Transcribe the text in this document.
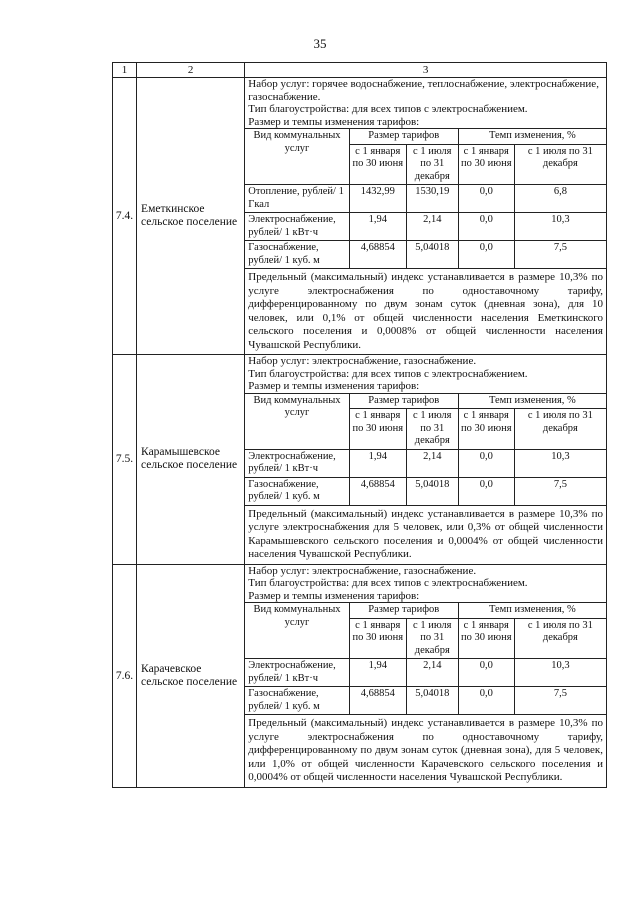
35
1	2	3
7.4.	Еметкинское сельское поселение	

Набор услуг: горячее водоснабжение, теплоснабжение, электроснабжение, газоснабжение.

Тип благоустройства: для всех типов с электроснабжением.

Размер и темпы изменения тарифов:

Вид коммунальных услуг	Размер тарифов	Темп изменения, %
с 1 января по 30 июня	с 1 июля по 31 декабря	с 1 января по 30 июня	с 1 июля по 31 декабря
Отопление, рублей/ 1 Гкал	1432,99	1530,19	0,0	6,8
Электроснабжение, рублей/ 1 кВт·ч	1,94	2,14	0,0	10,3
Газоснабжение, рублей/ 1 куб. м	4,68854	5,04018	0,0	7,5
Предельный (максимальный) индекс устанавливается в размере 10,3% по услуге электроснабжения по одноставочному тарифу, дифференцированному по двум зонам суток (дневная зона), для 10 человек, или 0,1% от общей численности населения Еметкинского сельского поселения и 0,0008% от общей численности населения Чувашской Республики.

7.5.	Карамышевское сельское поселение	

Набор услуг: электроснабжение, газоснабжение.

Тип благоустройства: для всех типов с электроснабжением.

Размер и темпы изменения тарифов:

Вид коммунальных услуг	Размер тарифов	Темп изменения, %
с 1 января по 30 июня	с 1 июля по 31 декабря	с 1 января по 30 июня	с 1 июля по 31 декабря
Электроснабжение, рублей/ 1 кВт·ч	1,94	2,14	0,0	10,3
Газоснабжение, рублей/ 1 куб. м	4,68854	5,04018	0,0	7,5
Предельный (максимальный) индекс устанавливается в размере 10,3% по услуге электроснабжения для 5 человек, или 0,3% от общей численности Карамышевского сельского поселения и 0,0004% от общей численности населения Чувашской Республики.

7.6.	Карачевское сельское поселение	

Набор услуг: электроснабжение, газоснабжение.

Тип благоустройства: для всех типов с электроснабжением.

Размер и темпы изменения тарифов:

Вид коммунальных услуг	Размер тарифов	Темп изменения, %
с 1 января по 30 июня	с 1 июля по 31 декабря	с 1 января по 30 июня	с 1 июля по 31 декабря
Электроснабжение, рублей/ 1 кВт·ч	1,94	2,14	0,0	10,3
Газоснабжение, рублей/ 1 куб. м	4,68854	5,04018	0,0	7,5
Предельный (максимальный) индекс устанавливается в размере 10,3% по услуге электроснабжения по одноставочному тарифу, дифференцированному по двум зонам суток (дневная зона), для 5 человек, или 1,0% от общей численности Карачевского сельского поселения и 0,0004% от общей численности населения Чувашской Республики.
